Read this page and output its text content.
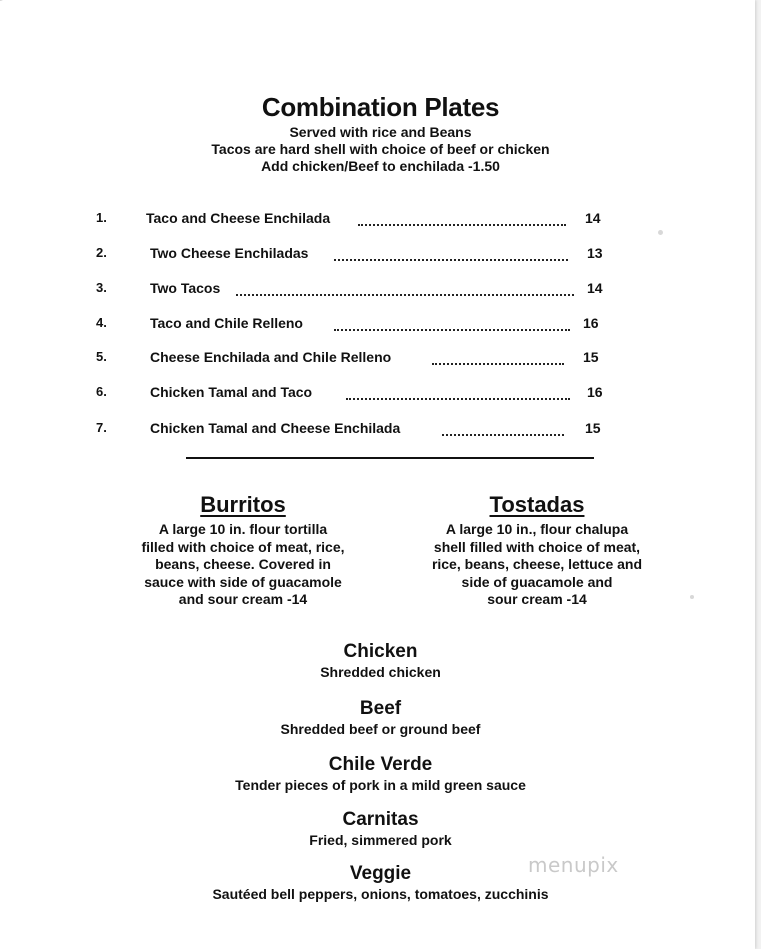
Combination Plates
Served with rice and Beans
Tacos are hard shell with choice of beef or chicken
Add chicken/Beef to enchilada -1.50
1.	Taco and Cheese Enchilada	14
2.	Two Cheese Enchiladas	13
3.	Two Tacos	14
4.	Taco and Chile Relleno	16
5.	Cheese Enchilada and Chile Relleno	15
6.	Chicken Tamal and Taco	16
7.	Chicken Tamal and Cheese Enchilada	15
Burritos
A large 10 in. flour tortilla
filled with choice of meat, rice,
beans, cheese. Covered in
sauce with side of guacamole
and sour cream -14
Tostadas
A large 10 in., flour chalupa
shell filled with choice of meat,
rice, beans, cheese, lettuce and
side of guacamole and
sour cream -14
Chicken
Shredded chicken
Beef
Shredded beef or ground beef
Chile Verde
Tender pieces of pork in a mild green sauce
Carnitas
Fried, simmered pork
Veggie
Sautéed bell peppers, onions, tomatoes, zucchinis
menupix
